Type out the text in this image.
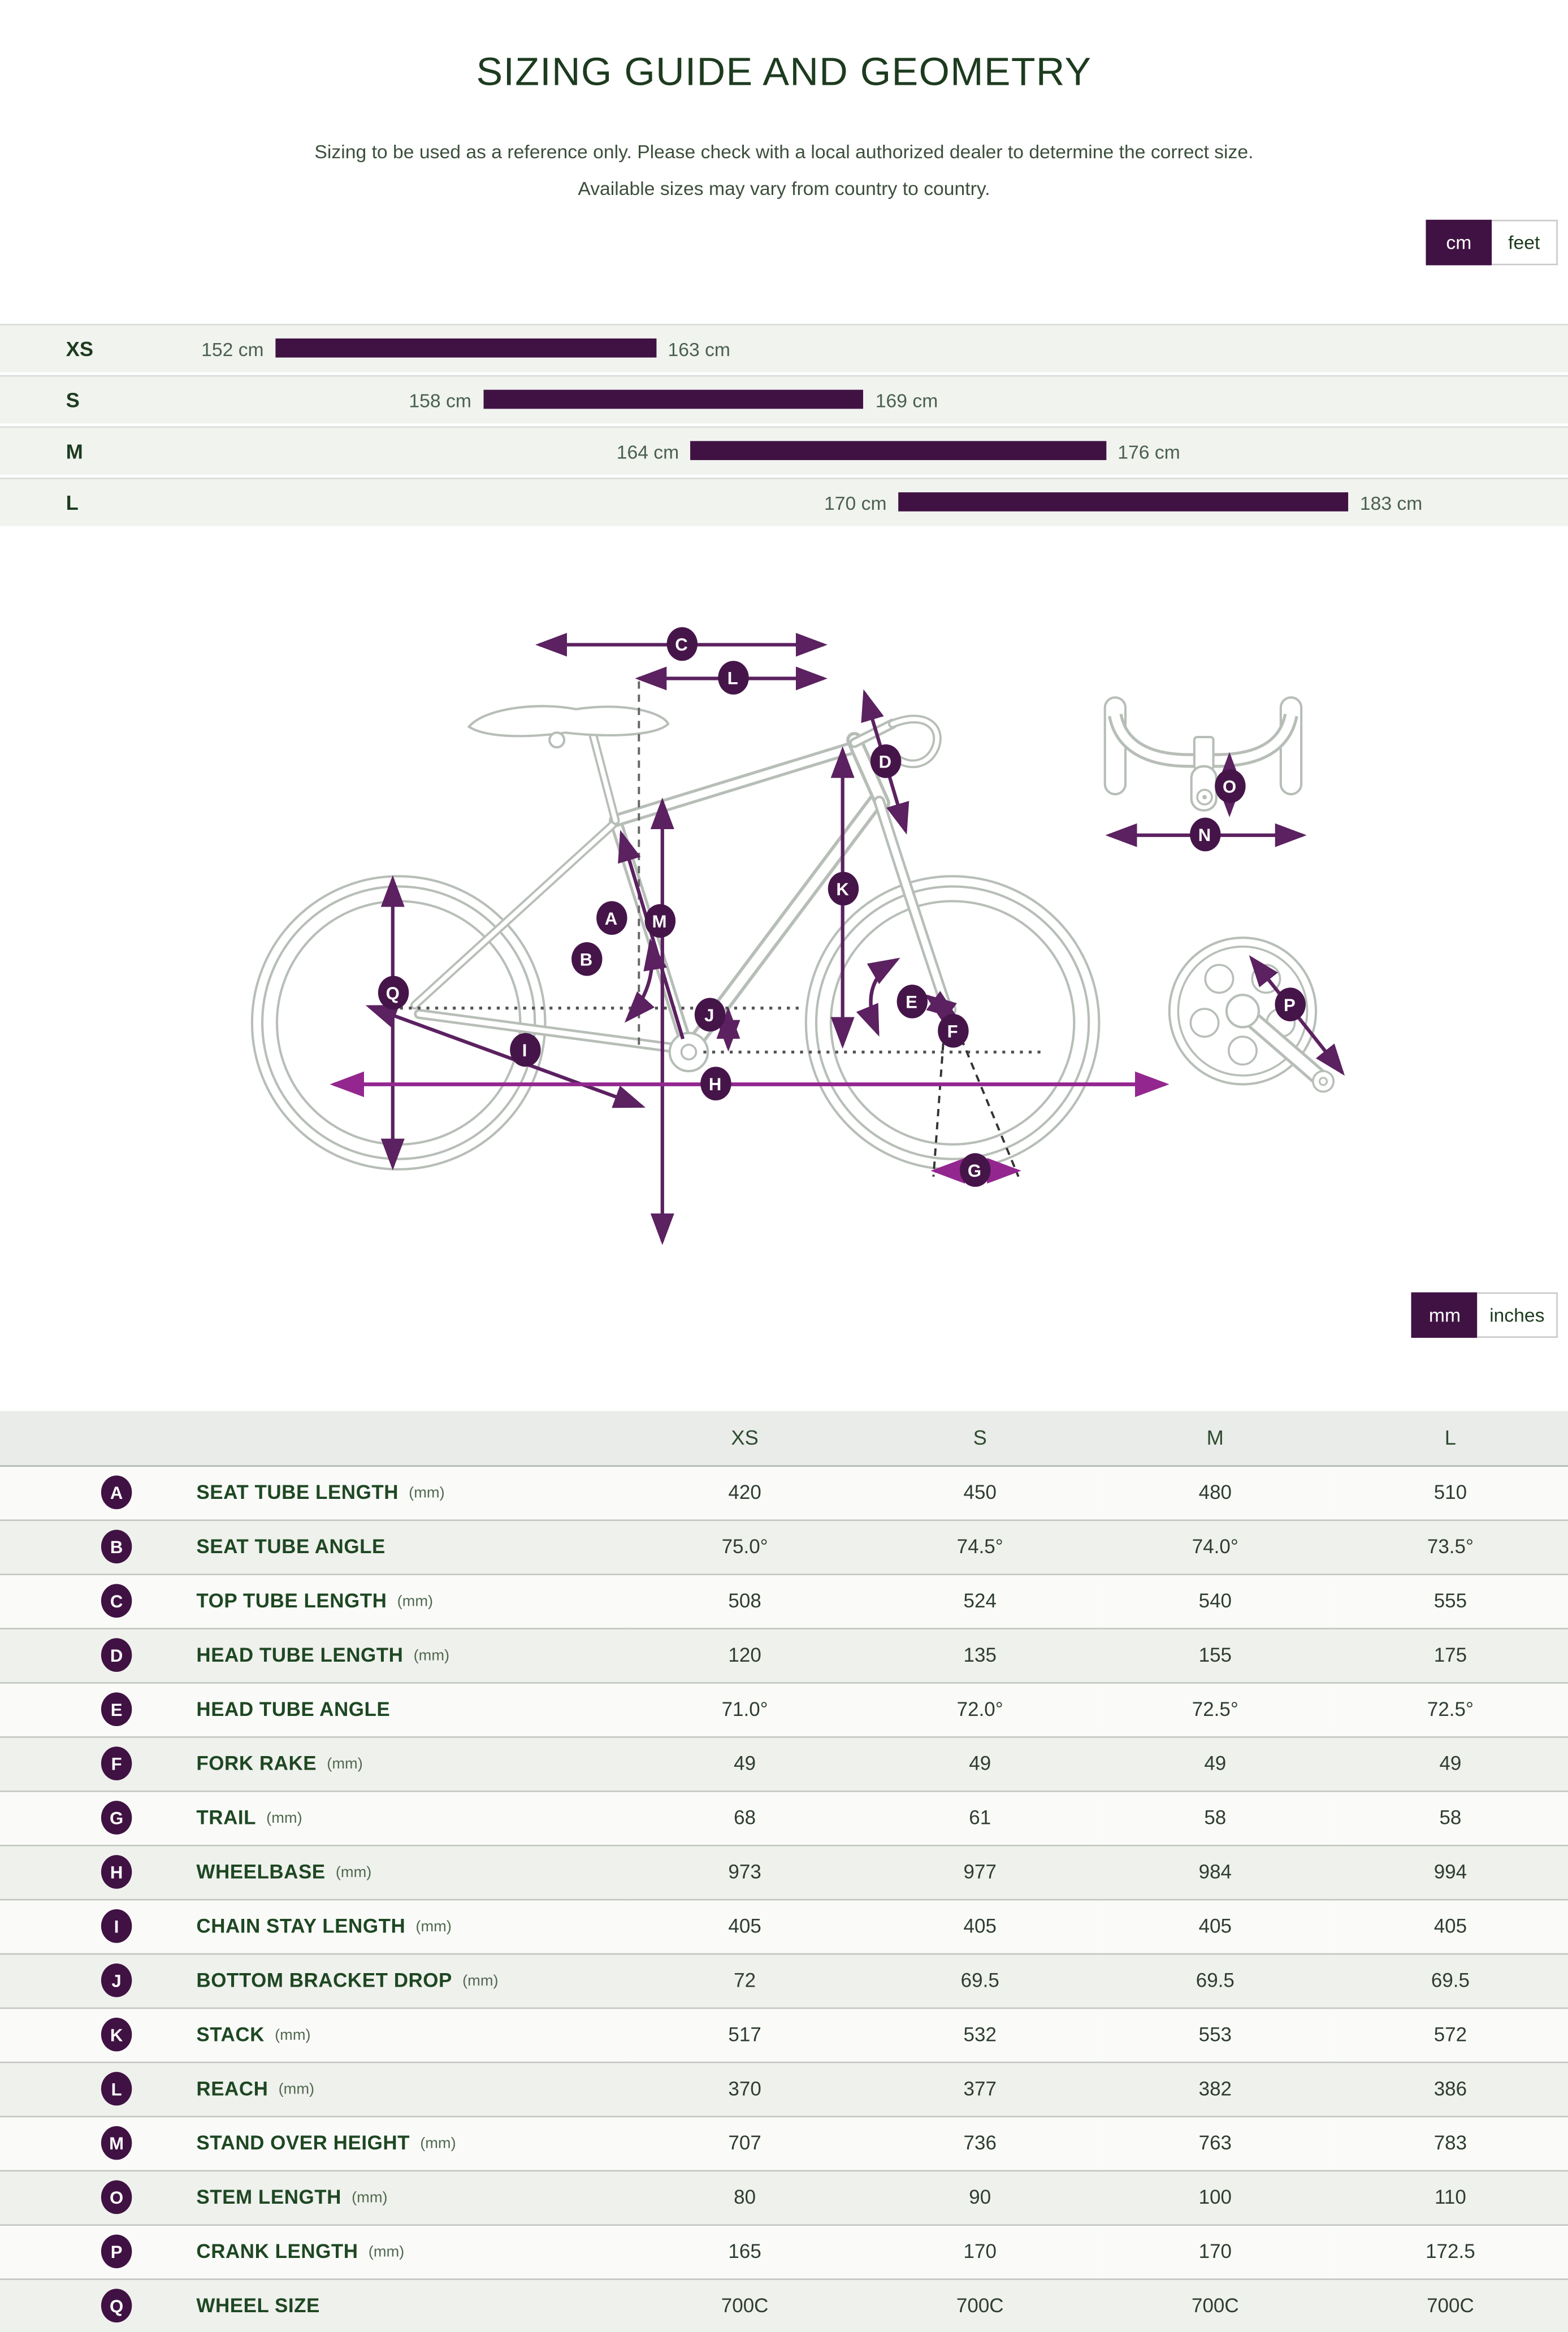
SIZING GUIDE AND GEOMETRY
Sizing to be used as a reference only. Please check with a local authorized dealer to determine the correct size.
Available sizes may vary from country to country.
cm	feet
XS	152 cm	163 cm
S	158 cm	169 cm
M	164 cm	176 cm
L	170 cm	183 cm
C
L
D
O
N
K
A	M
B
Q	E	P
J
F
I
H
G
mm	inches
	XS	S	M	L

A SEAT TUBE LENGTH (mm)	420	450	480	510

B SEAT TUBE ANGLE	75.0°	74.5°	74.0°	73.5°

C TOP TUBE LENGTH (mm)	508	524	540	555

D HEAD TUBE LENGTH (mm)	120	135	155	175

E HEAD TUBE ANGLE	71.0°	72.0°	72.5°	72.5°

F FORK RAKE (mm)	49	49	49	49

G TRAIL (mm)	68	61	58	58

H WHEELBASE (mm)	973	977	984	994

I CHAIN STAY LENGTH (mm)	405	405	405	405

J BOTTOM BRACKET DROP (mm)	72	69.5	69.5	69.5

K STACK (mm)	517	532	553	572

L REACH (mm)	370	377	382	386

M STAND OVER HEIGHT (mm)	707	736	763	783

O STEM LENGTH (mm)	80	90	100	110

P CRANK LENGTH (mm)	165	170	170	172.5

Q WHEEL SIZE	700C	700C	700C	700C
